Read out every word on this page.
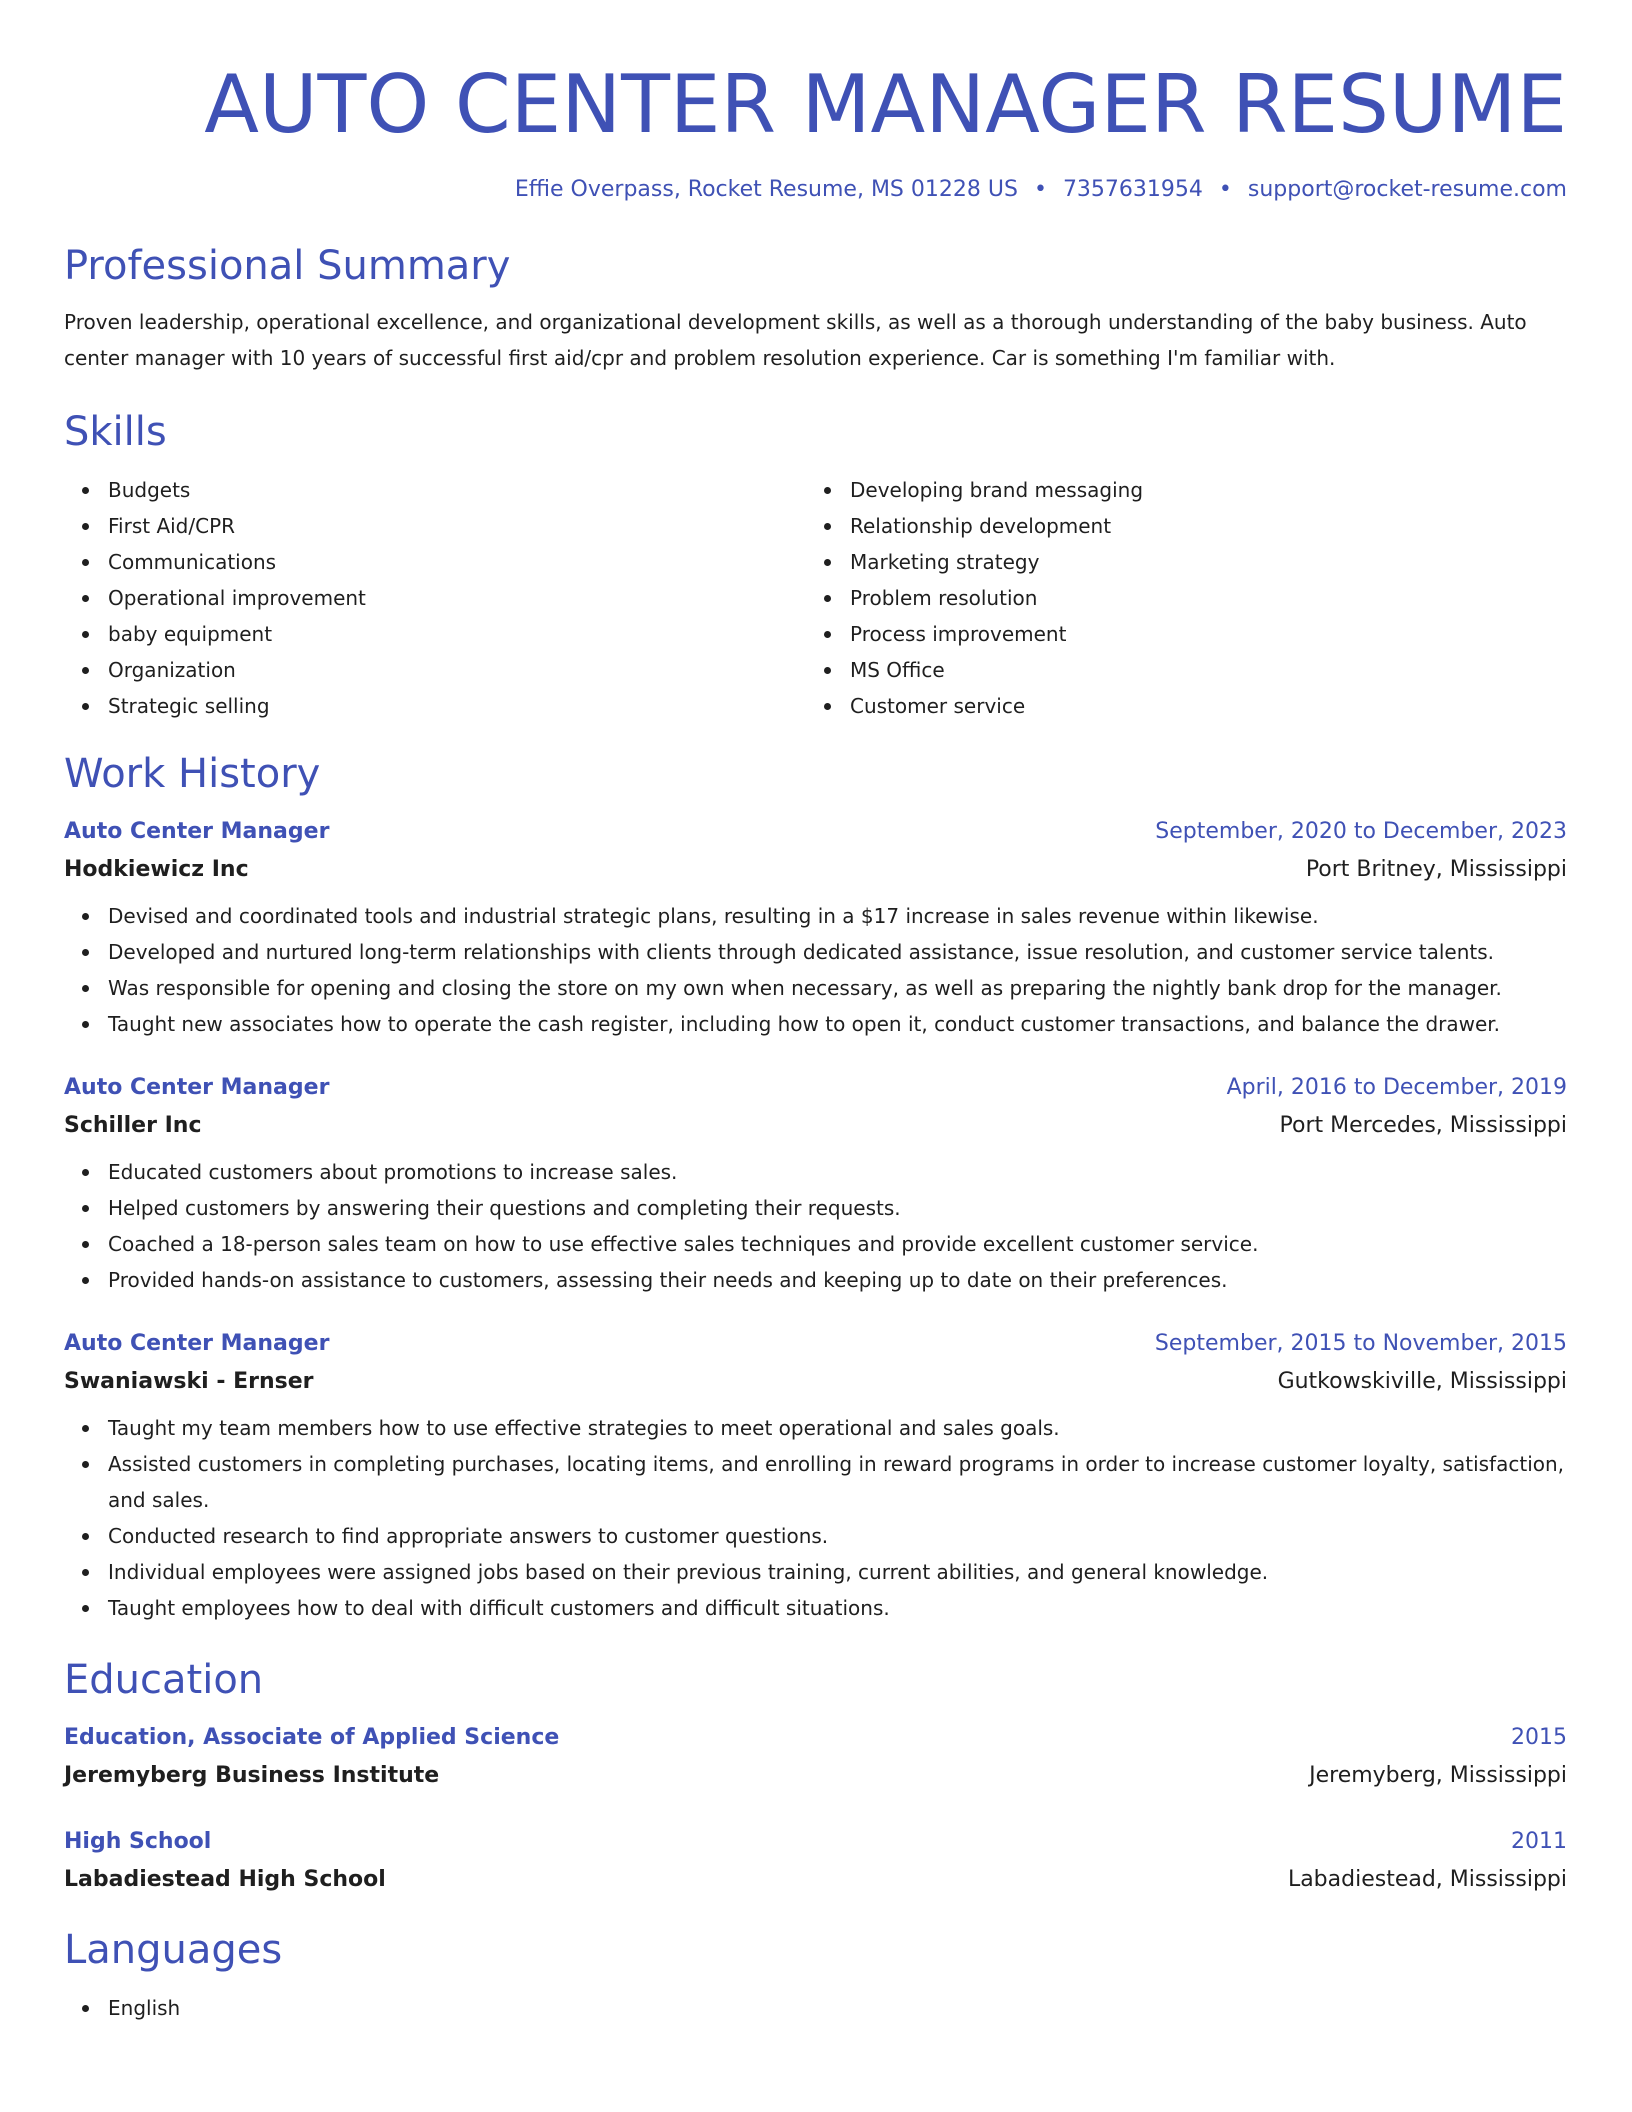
AUTO CENTER MANAGER RESUME
Effie Overpass, Rocket Resume, MS 01228 US • 7357631954 • support@rocket-resume.com
Professional Summary

Proven leadership, operational excellence, and organizational development skills, as well as a thorough understanding of the baby business. Auto center manager with 10 years of successful first aid/cpr and problem resolution experience. Car is something I'm familiar with.

Skills
Budgets
First Aid/CPR
Communications
Operational improvement
baby equipment
Organization
Strategic selling
Developing brand messaging
Relationship development
Marketing strategy
Problem resolution
Process improvement
MS Office
Customer service
Work History
Auto Center Manager	September, 2020 to December, 2023
Hodkiewicz Inc	Port Britney, Mississippi
Devised and coordinated tools and industrial strategic plans, resulting in a $17 increase in sales revenue within likewise.
Developed and nurtured long-term relationships with clients through dedicated assistance, issue resolution, and customer service talents.
Was responsible for opening and closing the store on my own when necessary, as well as preparing the nightly bank drop for the manager.
Taught new associates how to operate the cash register, including how to open it, conduct customer transactions, and balance the drawer.
Auto Center Manager	April, 2016 to December, 2019
Schiller Inc	Port Mercedes, Mississippi
Educated customers about promotions to increase sales.
Helped customers by answering their questions and completing their requests.
Coached a 18-person sales team on how to use effective sales techniques and provide excellent customer service.
Provided hands-on assistance to customers, assessing their needs and keeping up to date on their preferences.
Auto Center Manager	September, 2015 to November, 2015
Swaniawski - Ernser	Gutkowskiville, Mississippi
Taught my team members how to use effective strategies to meet operational and sales goals.
Assisted customers in completing purchases, locating items, and enrolling in reward programs in order to increase customer loyalty, satisfaction, and sales.
Conducted research to find appropriate answers to customer questions.
Individual employees were assigned jobs based on their previous training, current abilities, and general knowledge.
Taught employees how to deal with difficult customers and difficult situations.
Education
Education, Associate of Applied Science	2015
Jeremyberg Business Institute	Jeremyberg, Mississippi
High School	2011
Labadiestead High School	Labadiestead, Mississippi
Languages
English
